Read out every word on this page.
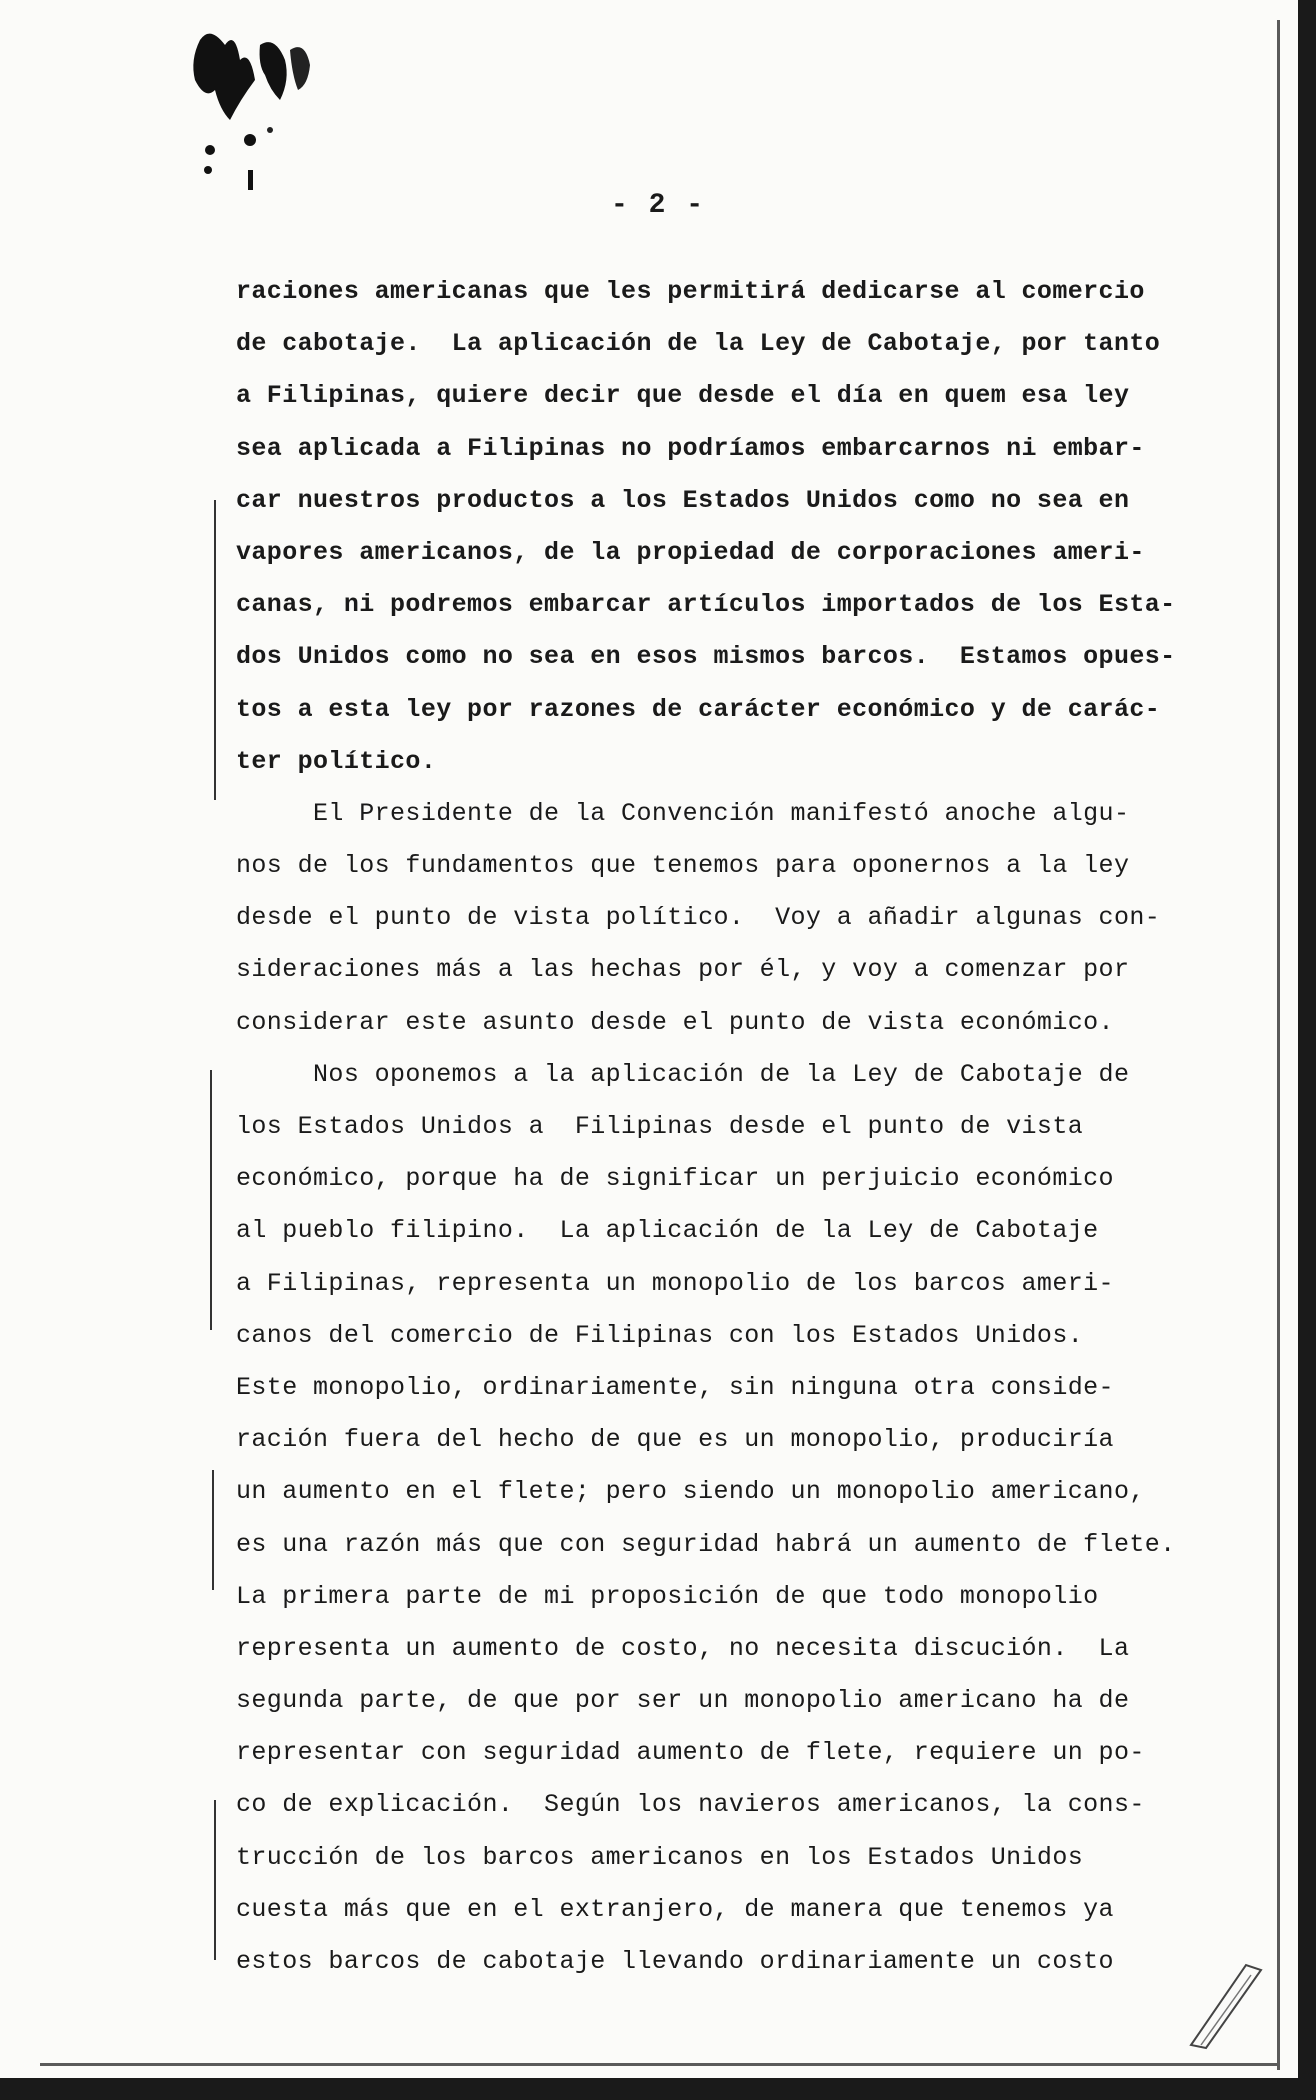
- 2 -
raciones americanas que les permitirá dedicarse al comercio
de cabotaje.  La aplicación de la Ley de Cabotaje, por tanto
a Filipinas, quiere decir que desde el día en quem esa ley
sea aplicada a Filipinas no podríamos embarcarnos ni embar-
car nuestros productos a los Estados Unidos como no sea en
vapores americanos, de la propiedad de corporaciones ameri-
canas, ni podremos embarcar artículos importados de los Esta-
dos Unidos como no sea en esos mismos barcos.  Estamos opues-
tos a esta ley por razones de carácter económico y de carác-
ter político.
El Presidente de la Convención manifestó anoche algu-
nos de los fundamentos que tenemos para oponernos a la ley
desde el punto de vista político.  Voy a añadir algunas con-
sideraciones más a las hechas por él, y voy a comenzar por
considerar este asunto desde el punto de vista económico.
Nos oponemos a la aplicación de la Ley de Cabotaje de
los Estados Unidos a  Filipinas desde el punto de vista
económico, porque ha de significar un perjuicio económico
al pueblo filipino.  La aplicación de la Ley de Cabotaje
a Filipinas, representa un monopolio de los barcos ameri-
canos del comercio de Filipinas con los Estados Unidos.
Este monopolio, ordinariamente, sin ninguna otra conside-
ración fuera del hecho de que es un monopolio, produciría
un aumento en el flete; pero siendo un monopolio americano,
es una razón más que con seguridad habrá un aumento de flete.
La primera parte de mi proposición de que todo monopolio
representa un aumento de costo, no necesita discución.  La
segunda parte, de que por ser un monopolio americano ha de
representar con seguridad aumento de flete, requiere un po-
co de explicación.  Según los navieros americanos, la cons-
trucción de los barcos americanos en los Estados Unidos
cuesta más que en el extranjero, de manera que tenemos ya
estos barcos de cabotaje llevando ordinariamente un costo
